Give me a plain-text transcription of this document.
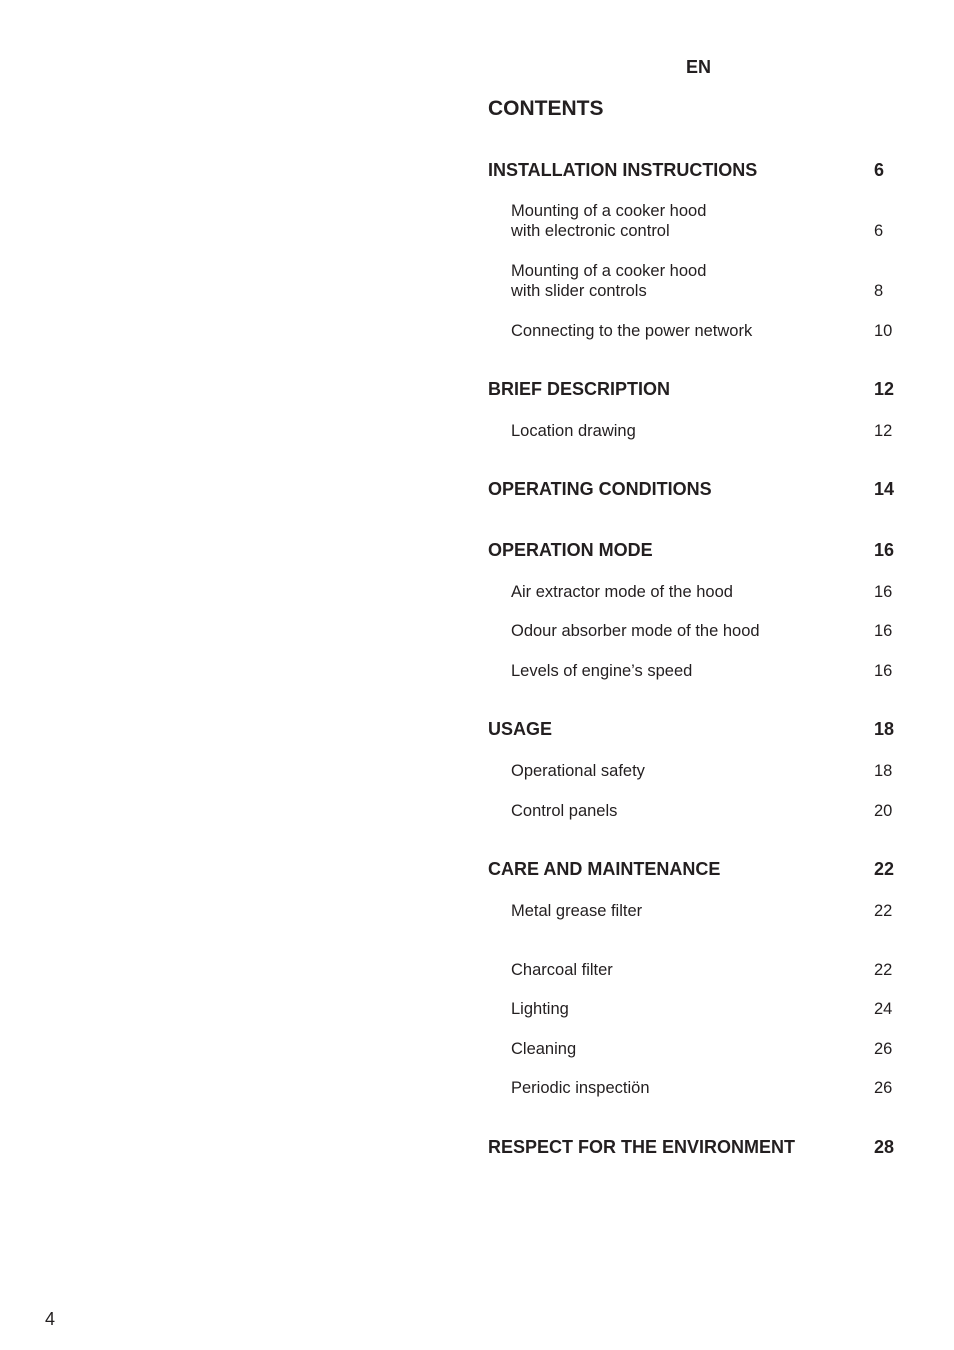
EN
CONTENTS
INSTALLATION INSTRUCTIONS	6
Mounting of a cooker hood
with electronic control	6
Mounting of a cooker hood
with slider controls	8
Connecting to the power network	10
BRIEF DESCRIPTION	12
Location drawing	12
OPERATING CONDITIONS	14
OPERATION MODE	16
Air extractor mode of the hood	16
Odour absorber mode of the hood	16
Levels of engine’s speed	16
USAGE	18
Operational safety	18
Control panels	20
CARE AND MAINTENANCE	22
Metal grease filter	22
Charcoal filter	22
Lighting	24
Cleaning	26
Periodic inspectiön	26
RESPECT FOR THE ENVIRONMENT	28
4
